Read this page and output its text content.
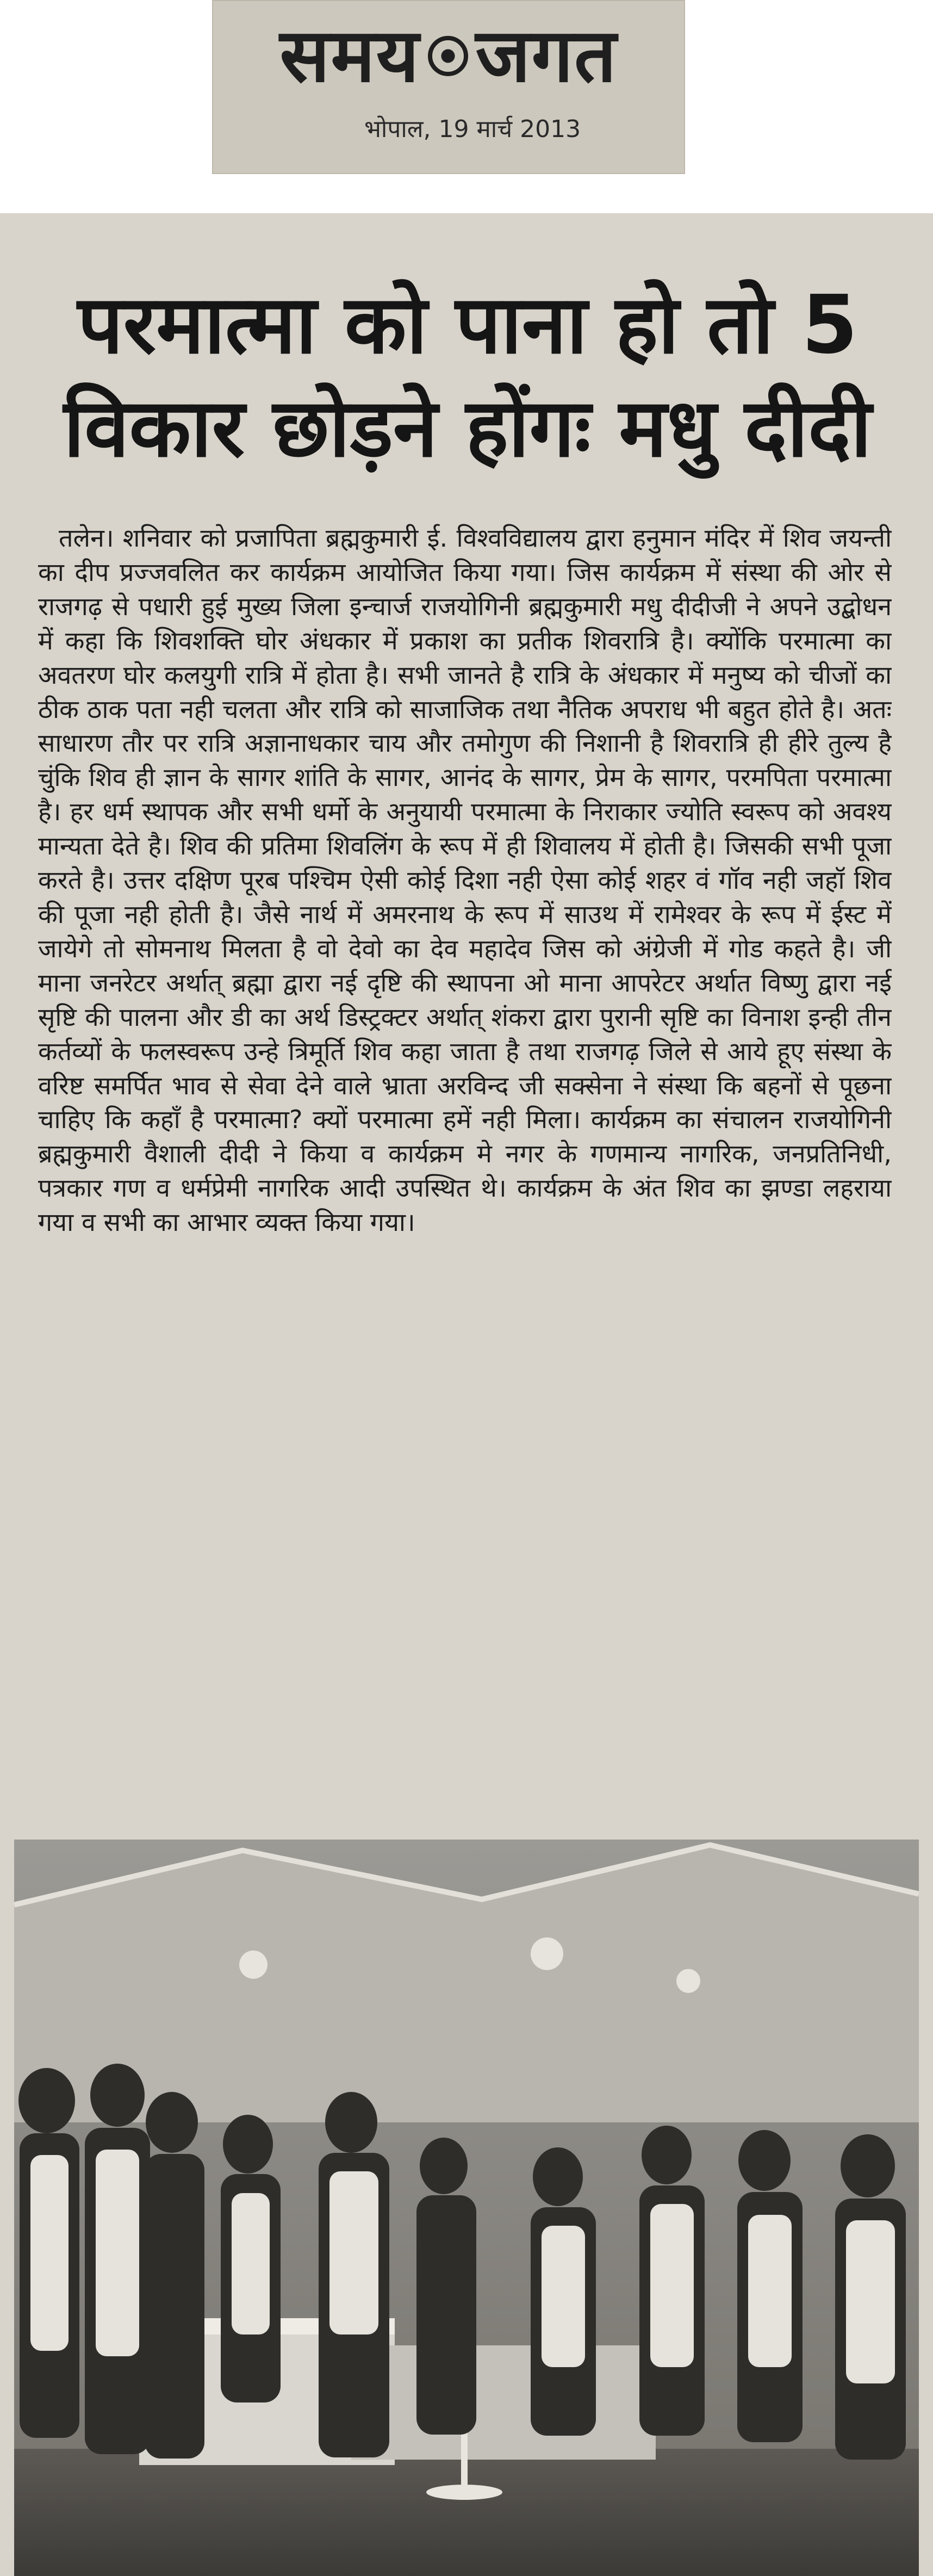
समय जगत
भोपाल, 19 मार्च 2013
परमात्मा को पाना हो तो 5
विकार छोड़ने होंगः मधु दीदी

तलेन। शनिवार को प्रजापिता ब्रह्मकुमारी ई. विश्वविद्यालय द्वारा हनुमान मंदिर में शिव जयन्ती का दीप प्रज्जवलित कर कार्यक्रम आयोजित किया गया। जिस कार्यक्रम में संस्था की ओर से राजगढ़ से पधारी हुई मुख्य जिला इन्चार्ज राजयोगिनी ब्रह्मकुमारी मधु दीदीजी ने अपने उद्बोधन में कहा कि शिवशक्ति घोर अंधकार में प्रकाश का प्रतीक शिवरात्रि है। क्योंकि परमात्मा का अवतरण घोर कलयुगी रात्रि में होता है। सभी जानते है रात्रि के अंधकार में मनुष्य को चीजों का ठीक ठाक पता नही चलता और रात्रि को साजाजिक तथा नैतिक अपराध भी बहुत होते है। अतः साधारण तौर पर रात्रि अज्ञानाधकार चाय और तमोगुण की निशानी है शिवरात्रि ही हीरे तुल्य है चुंकि शिव ही ज्ञान के सागर शांति के सागर, आनंद के सागर, प्रेम के सागर, परमपिता परमात्मा है। हर धर्म स्थापक और सभी धर्मो के अनुयायी परमात्मा के निराकार ज्योति स्वरूप को अवश्य मान्यता देते है। शिव की प्रतिमा शिवलिंग के रूप में ही शिवालय में होती है। जिसकी सभी पूजा करते है। उत्तर दक्षिण पूरब पश्चिम ऐसी कोई दिशा नही ऐसा कोई शहर वं गॉव नही जहॉ शिव की पूजा नही होती है। जैसे नार्थ में अमरनाथ के रूप में साउथ में रामेश्वर के रूप में ईस्ट में जायेगे तो सोमनाथ मिलता है वो देवो का देव महादेव जिस को अंग्रेजी में गोड कहते है। जी माना जनरेटर अर्थात् ब्रह्मा द्वारा नई दृष्टि की स्थापना ओ माना आपरेटर अर्थात विष्णु द्वारा नई सृष्टि की पालना और डी का अर्थ डिस्ट्रक्टर अर्थात् शंकरा द्वारा पुरानी सृष्टि का विनाश इन्ही तीन कर्तव्यों के फलस्वरूप उन्हे त्रिमूर्ति शिव कहा जाता है तथा राजगढ़ जिले से आये हूए संस्था के वरिष्ट समर्पित भाव से सेवा देने वाले भ्राता अरविन्द जी सक्सेना ने संस्था कि बहनों से पूछना चाहिए कि कहाँ है परमात्मा? क्यों परमात्मा हमें नही मिला। कार्यक्रम का संचालन राजयोगिनी ब्रह्मकुमारी वैशाली दीदी ने किया व कार्यक्रम मे नगर के गणमान्य नागरिक, जनप्रतिनिधी, पत्रकार गण व धर्मप्रेमी नागरिक आदी उपस्थित थे। कार्यक्रम के अंत शिव का झण्डा लहराया गया व सभी का आभार व्यक्त किया गया।
